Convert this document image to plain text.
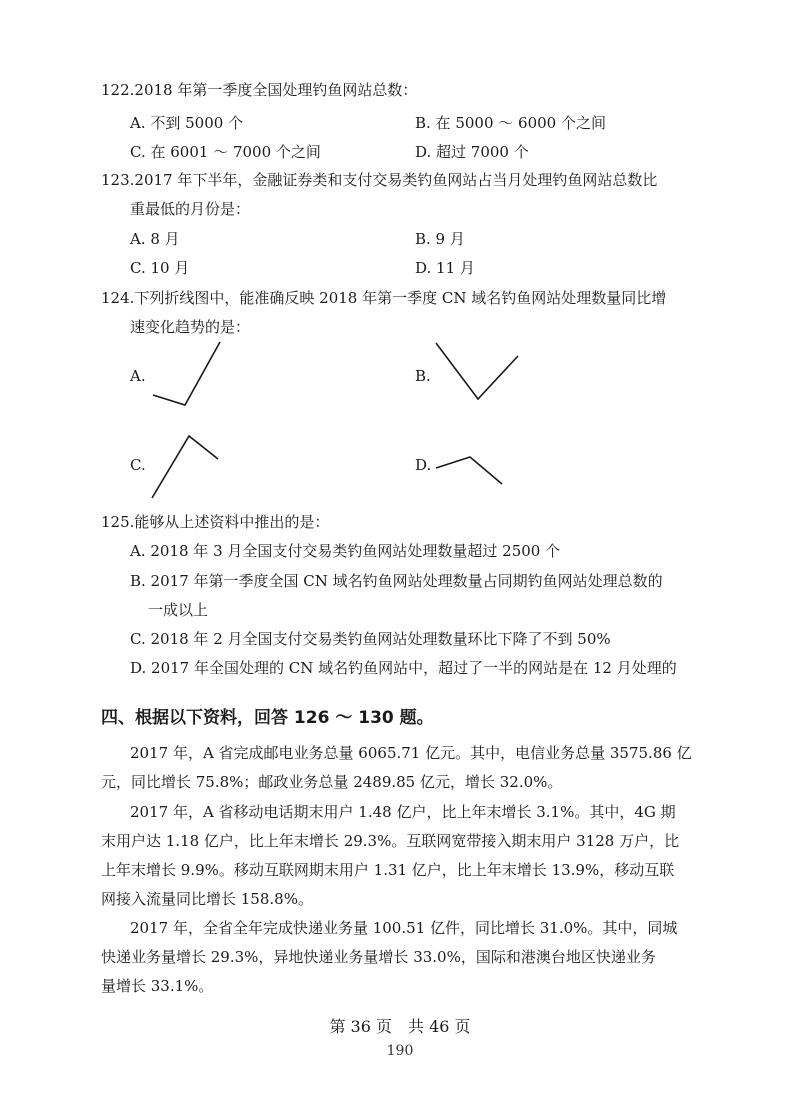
122.2018 年第一季度全国处理钓鱼网站总数：
A. 不到 5000 个	B. 在 5000 ～ 6000 个之间
C. 在 6001 ～ 7000 个之间	D. 超过 7000 个
123.2017 年下半年，金融证券类和支付交易类钓鱼网站占当月处理钓鱼网站总数比
重最低的月份是：
A. 8 月	B. 9 月
C. 10 月	D. 11 月
124.下列折线图中，能准确反映 2018 年第一季度 CN 域名钓鱼网站处理数量同比增
速变化趋势的是：
A.	B.
C.	D.
125.能够从上述资料中推出的是：
A. 2018 年 3 月全国支付交易类钓鱼网站处理数量超过 2500 个
B. 2017 年第一季度全国 CN 域名钓鱼网站处理数量占同期钓鱼网站处理总数的
一成以上
C. 2018 年 2 月全国支付交易类钓鱼网站处理数量环比下降了不到 50%
D. 2017 年全国处理的 CN 域名钓鱼网站中，超过了一半的网站是在 12 月处理的
四、根据以下资料，回答 126 ～ 130 题。
2017 年，A 省完成邮电业务总量 6065.71 亿元。其中，电信业务总量 3575.86 亿
元，同比增长 75.8%；邮政业务总量 2489.85 亿元，增长 32.0%。
2017 年，A 省移动电话期末用户 1.48 亿户，比上年末增长 3.1%。其中，4G 期
末用户达 1.18 亿户，比上年末增长 29.3%。互联网宽带接入期末用户 3128 万户，比
上年末增长 9.9%。移动互联网期末用户 1.31 亿户，比上年末增长 13.9%，移动互联
网接入流量同比增长 158.8%。
2017 年，全省全年完成快递业务量 100.51 亿件，同比增长 31.0%。其中，同城
快递业务量增长 29.3%，异地快递业务量增长 33.0%，国际和港澳台地区快递业务
量增长 33.1%。
第 36 页　共 46 页
190
